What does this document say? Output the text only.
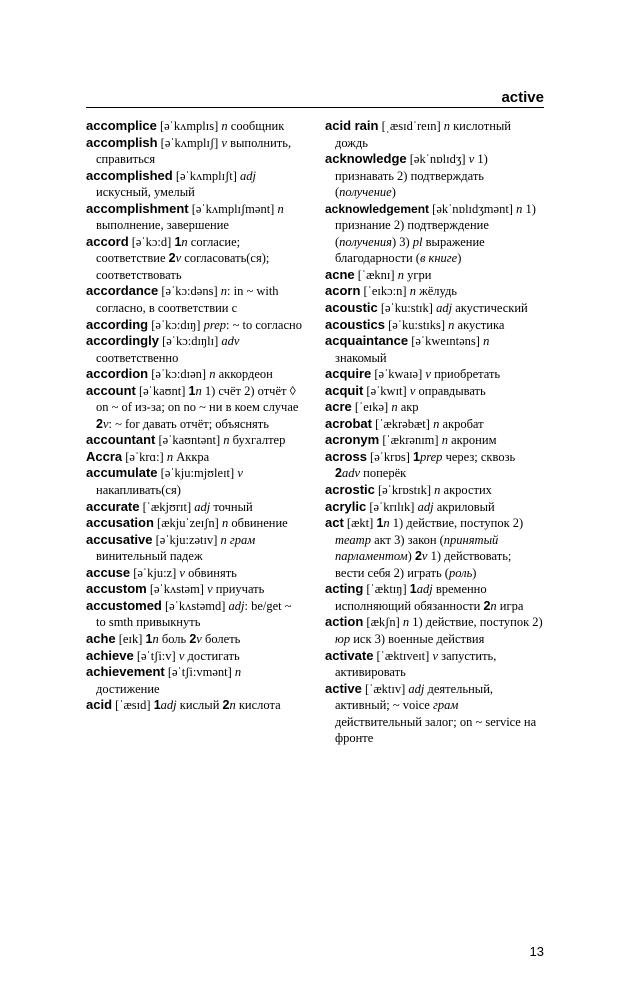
active

accomplice [əˈkʌmplɪs] n сообщник

accomplish [əˈkʌmplɪʃ] v выполнить, справиться

accomplished [əˈkʌmplɪʃt] adj искусный, умелый

accomplishment [əˈkʌmplɪʃmənt] n выполнение, завершение

accord [əˈkɔ:d] 1n согласие; соответствие 2v согласовать(ся); соответствовать

accordance [əˈkɔ:dəns] n: in ~ with согласно, в соответствии с

according [əˈkɔ:dɪŋ] prep: ~ to согласно

accordingly [əˈkɔ:dɪŋlɪ] adv соответственно

accordion [əˈkɔ:dɪən] n аккордеон

account [əˈkaʊnt] 1n 1) счёт 2) отчёт ◊ on ~ of из-за; on no ~ ни в коем случае 2v: ~ for давать отчёт; объяснять

accountant [əˈkaʊntənt] n бухгалтер

Accra [əˈkrɑ:] n Аккра

accumulate [əˈkju:mjʊleɪt] v накапливать(ся)

accurate [ˈækjʊrɪt] adj точный

accusation [ækjuˈzeɪʃn] n обвинение

accusative [əˈkju:zətɪv] n грам винительный падеж

accuse [əˈkju:z] v обвинять

accustom [əˈkʌstəm] v приучать

accustomed [əˈkʌstəmd] adj: be/get ~ to smth привыкнуть

ache [eɪk] 1n боль 2v болеть

achieve [əˈtʃi:v] v достигать

achievement [əˈtʃi:vmənt] n достижение

acid [ˈæsɪd] 1adj кислый 2n кислота

acid rain [ˌæsɪdˈreɪn] n кислотный дождь

acknowledge [əkˈnɒlɪdʒ] v 1) признавать 2) подтверждать (получение)

acknowledgement [əkˈnɒlɪdʒmənt] n 1) признание 2) подтверждение (получения) 3) pl выражение благодарности (в книге)

acne [ˈæknɪ] n угри

acorn [ˈeɪkɔ:n] n жёлудь

acoustic [əˈku:stɪk] adj акустический

acoustics [əˈku:stɪks] n акустика

acquaintance [əˈkweɪntəns] n знакомый

acquire [əˈkwaɪə] v приобретать

acquit [əˈkwɪt] v оправдывать

acre [ˈeɪkə] n акр

acrobat [ˈækrəbæt] n акробат

acronym [ˈækrənɪm] n акроним

across [əˈkrɒs] 1prep через; сквозь 2adv поперёк

acrostic [əˈkrɒstɪk] n акростих

acrylic [əˈkrɪlɪk] adj акриловый

act [ækt] 1n 1) действие, поступок 2) театр акт 3) закон (принятый парламентом) 2v 1) действовать; вести себя 2) играть (роль)

acting [ˈæktɪŋ] 1adj временно исполняющий обязанности 2n игра

action [ækʃn] n 1) действие, поступок 2) юр иск 3) военные действия

activate [ˈæktɪveɪt] v запустить, активировать

active [ˈæktɪv] adj деятельный, активный; ~ voice грам действительный залог; on ~ service на фронте

13
